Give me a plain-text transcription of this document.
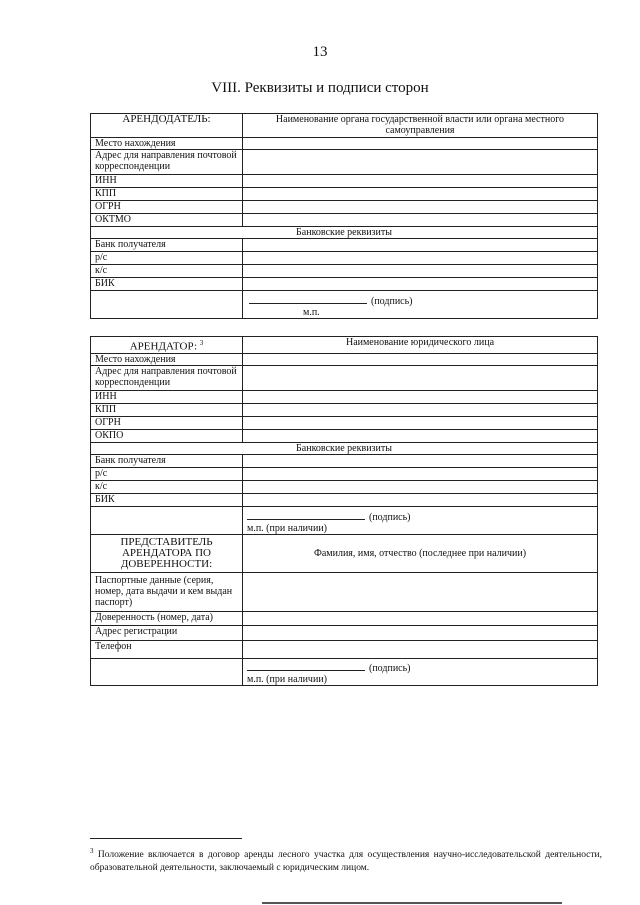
13
VIII. Реквизиты и подписи сторон
АРЕНДОДАТЕЛЬ:	Наименование органа государственной власти или органа местного самоуправления
Место нахождения	
Адрес для направления почтовой корреспонденции	
ИНН	
КПП	
ОГРН	
ОКТМО	
Банковские реквизиты	
Банк получателя	
р/с	
к/с	
БИК	

	(подпись)
м.п.
АРЕНДАТОР: $^3$	Наименование юридического лица
Место нахождения	
Адрес для направления почтовой корреспонденции	
ИНН	
КПП	
ОГРН	
ОКПО	
Банковские реквизиты	
Банк получателя	
р/с	
к/с	
БИК	

	(подпись)
м.п. (при наличии)

ПРЕДСТАВИТЕЛЬ АРЕНДАТОРА ПО ДОВЕРЕННОСТИ:	Фамилия, имя, отчество (последнее при наличии)
Паспортные данные (серия, номер, дата выдачи и кем выдан паспорт)	
Доверенность (номер, дата)	
Адрес регистрации	
Телефон	

	(подпись)
м.п. (при наличии)
$^3$ Положение включается в договор аренды лесного участка для осуществления научно-исследовательской деятельности, образовательной деятельности, заключаемый с юридическим лицом.
